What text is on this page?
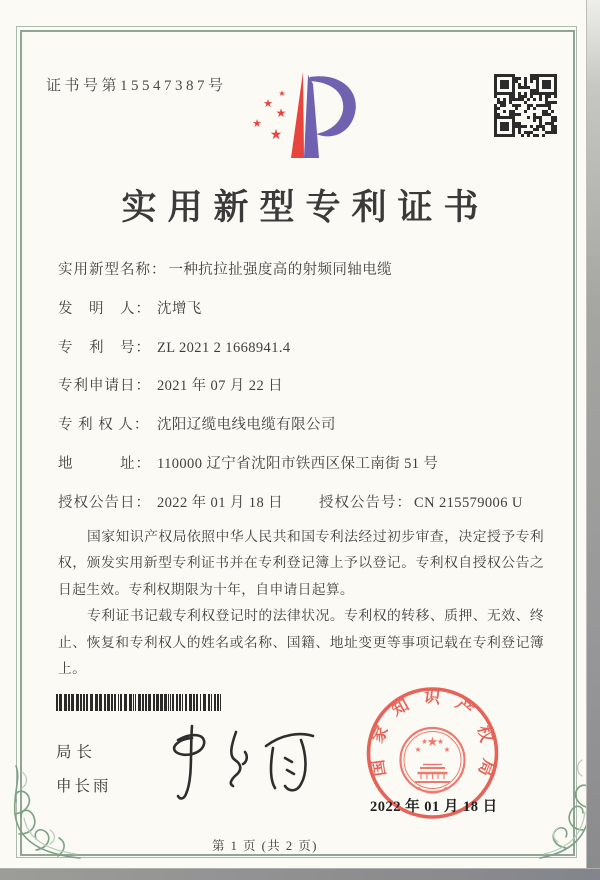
证书号第15547387号	★
★
★
★
★
实用新型专利证书
实用新型名称： 一种抗拉扯强度高的射频同轴电缆
发　明　人： 沈增飞
专　利　号： ZL 2021 2 1668941.4
专利申请日： 2021 年 07 月 22 日
专 利 权 人： 沈阳辽缆电线电缆有限公司
地　　　址： 110000 辽宁省沈阳市铁西区保工南街 51 号
授权公告日： 2022 年 01 月 18 日 授权公告号： CN 215579006 U

国家知识产权局依照中华人民共和国专利法经过初步审查，决定授予专利权，颁发实用新型专利证书并在专利登记簿上予以登记。专利权自授权公告之日起生效。专利权期限为十年，自申请日起算。

专利证书记载专利权登记时的法律状况。专利权的转移、质押、无效、终止、恢复和专利权人的姓名或名称、国籍、地址变更等事项记载在专利登记簿上。

局长
申长雨
国家知识产权局
★
★
★ ★
★
2022 年 01 月 18 日
第 1 页 (共 2 页)
